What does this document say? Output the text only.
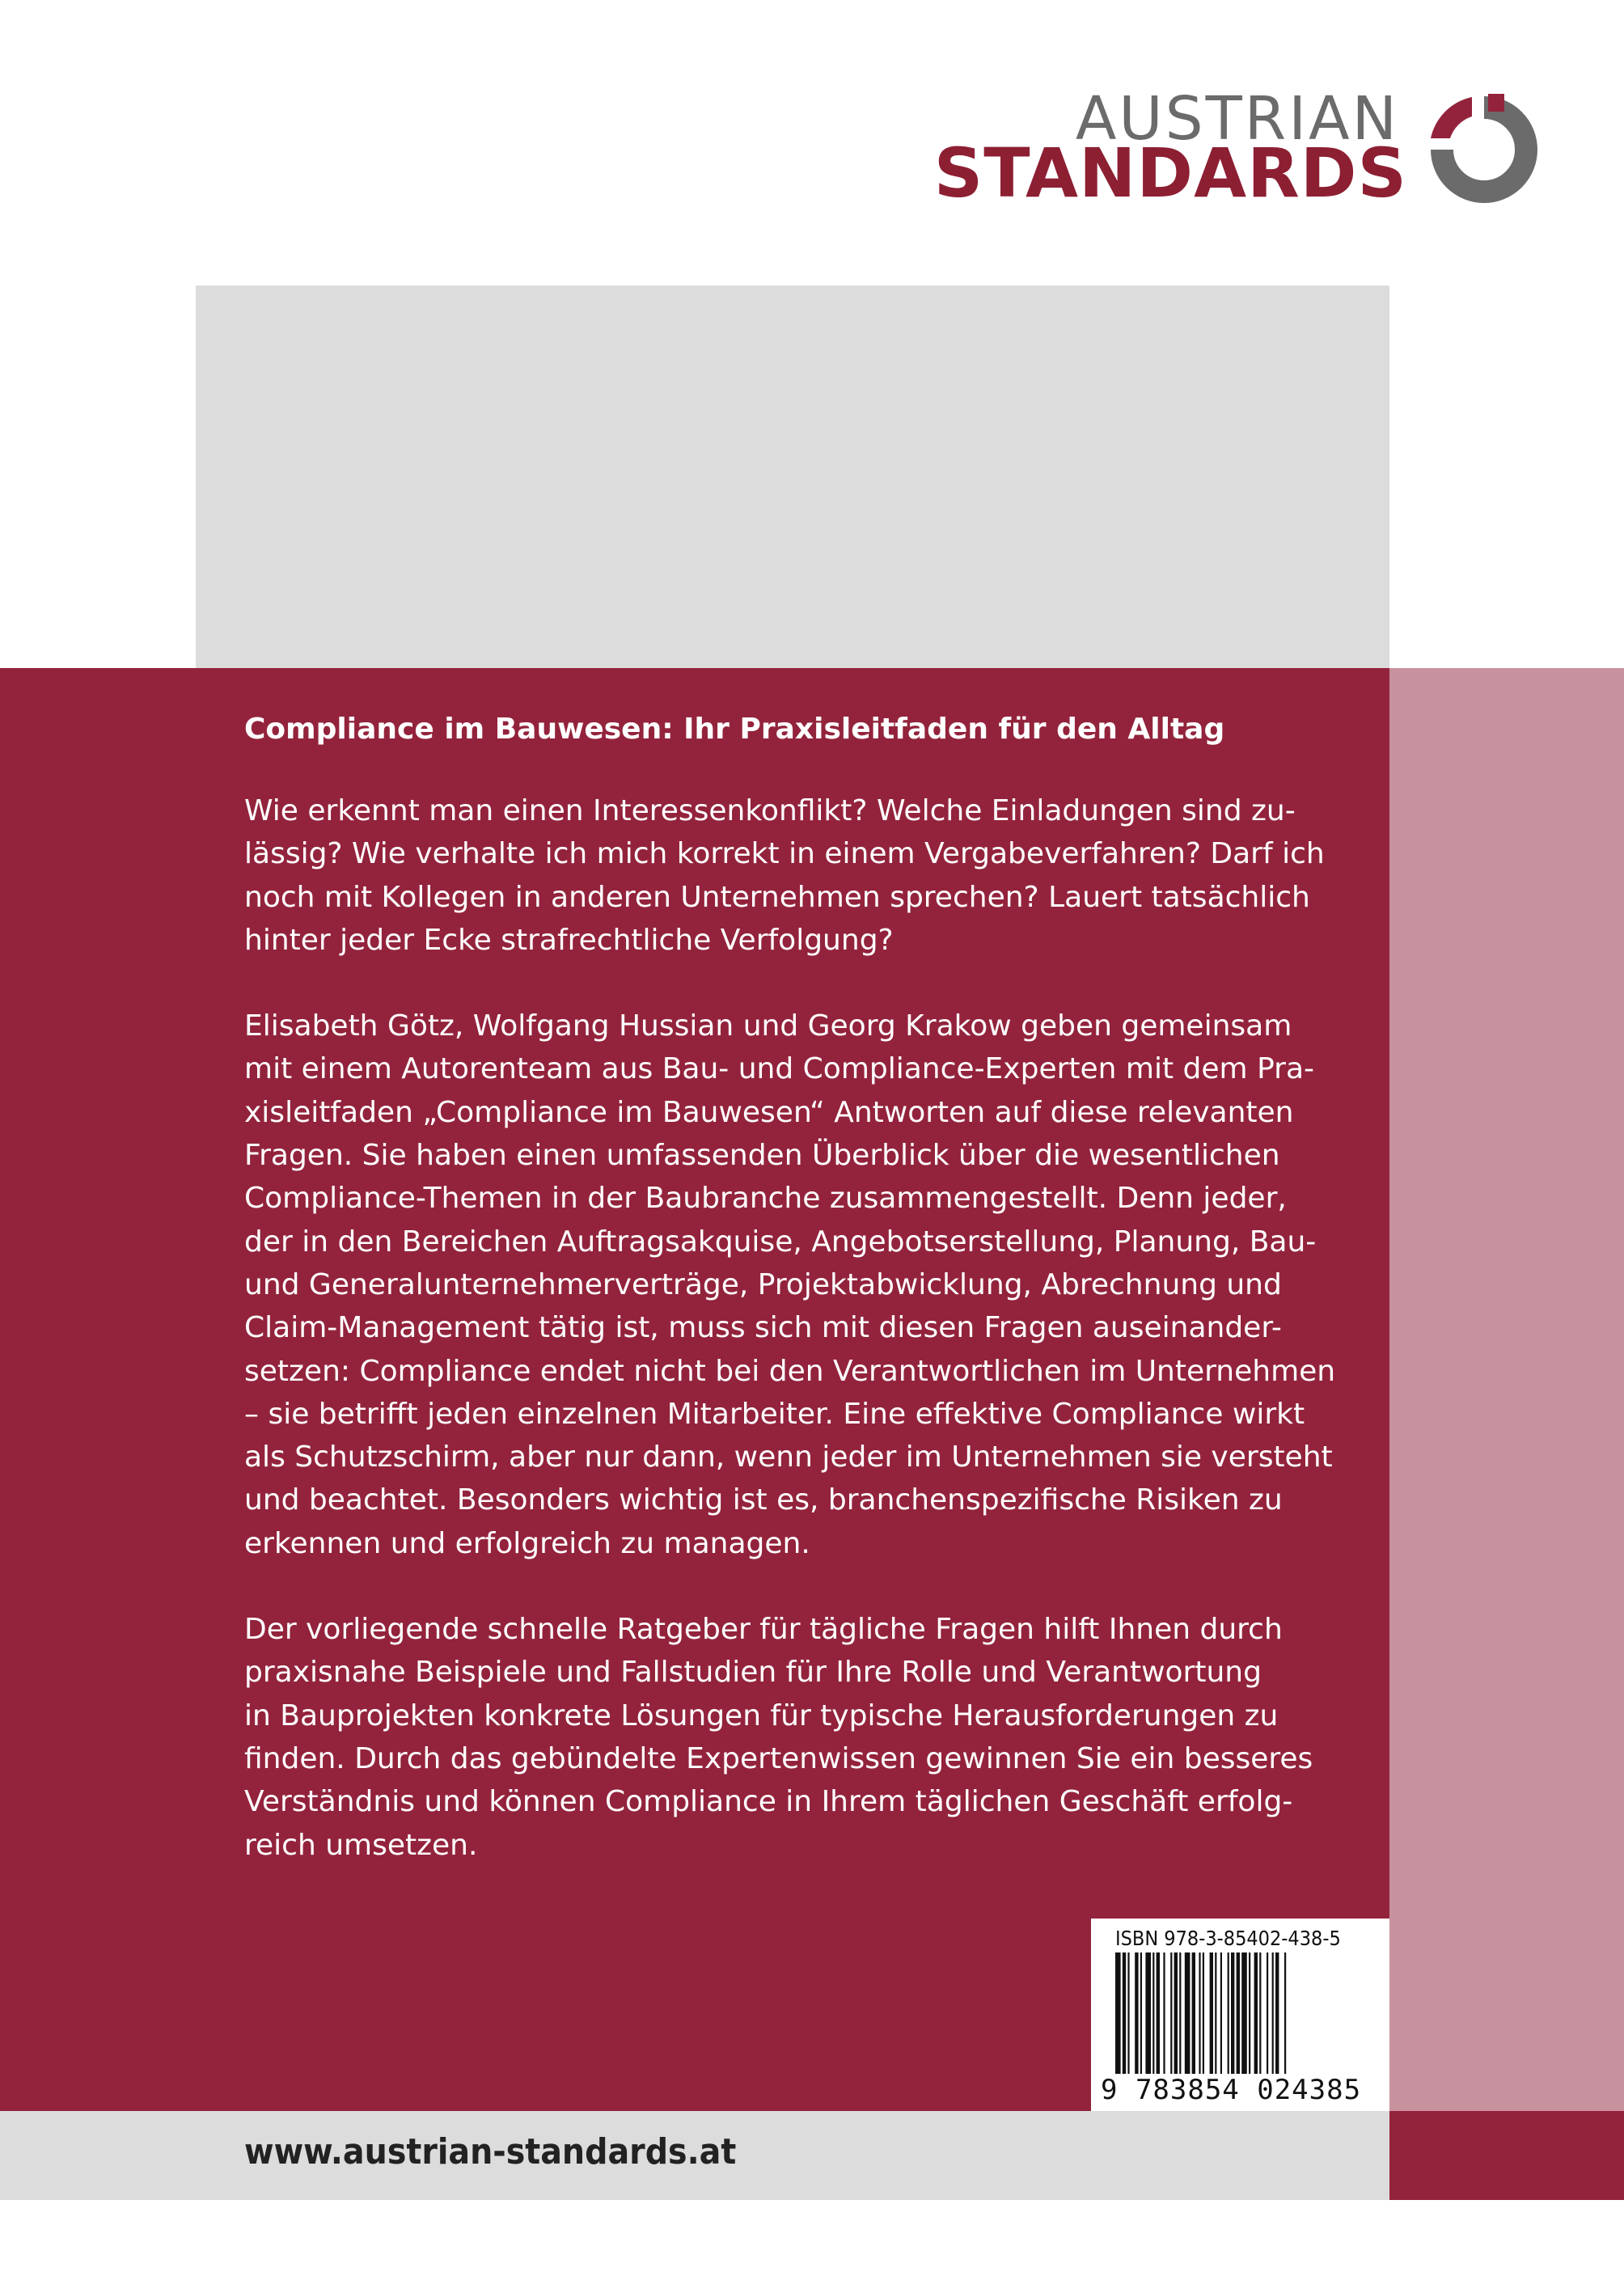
AUSTRIAN
STANDARDS
Compliance im Bauwesen: Ihr Praxisleitfaden für den Alltag
Wie erkennt man einen Interessenkonflikt? Welche Einladungen sind zu-
lässig? Wie verhalte ich mich korrekt in einem Vergabeverfahren? Darf ich
noch mit Kollegen in anderen Unternehmen sprechen? Lauert tatsächlich
hinter jeder Ecke strafrechtliche Verfolgung?
Elisabeth Götz, Wolfgang Hussian und Georg Krakow geben gemeinsam
mit einem Autorenteam aus Bau- und Compliance-Experten mit dem Pra-
xisleitfaden „Compliance im Bauwesen“ Antworten auf diese relevanten
Fragen. Sie haben einen umfassenden Überblick über die wesentlichen
Compliance-Themen in der Baubranche zusammengestellt. Denn jeder,
der in den Bereichen Auftragsakquise, Angebotserstellung, Planung, Bau-
und Generalunternehmerverträge, Projektabwicklung, Abrechnung und
Claim-Management tätig ist, muss sich mit diesen Fragen auseinander-
setzen: Compliance endet nicht bei den Verantwortlichen im Unternehmen
– sie betrifft jeden einzelnen Mitarbeiter. Eine effektive Compliance wirkt
als Schutzschirm, aber nur dann, wenn jeder im Unternehmen sie versteht
und beachtet. Besonders wichtig ist es, branchenspezifische Risiken zu
erkennen und erfolgreich zu managen.
Der vorliegende schnelle Ratgeber für tägliche Fragen hilft Ihnen durch
praxisnahe Beispiele und Fallstudien für Ihre Rolle und Verantwortung
in Bauprojekten konkrete Lösungen für typische Herausforderungen zu
finden. Durch das gebündelte Expertenwissen gewinnen Sie ein besseres
Verständnis und können Compliance in Ihrem täglichen Geschäft erfolg-
reich umsetzen.
ISBN 978-3-85402-438-5
9 783854 024385
www.austrian-standards.at
